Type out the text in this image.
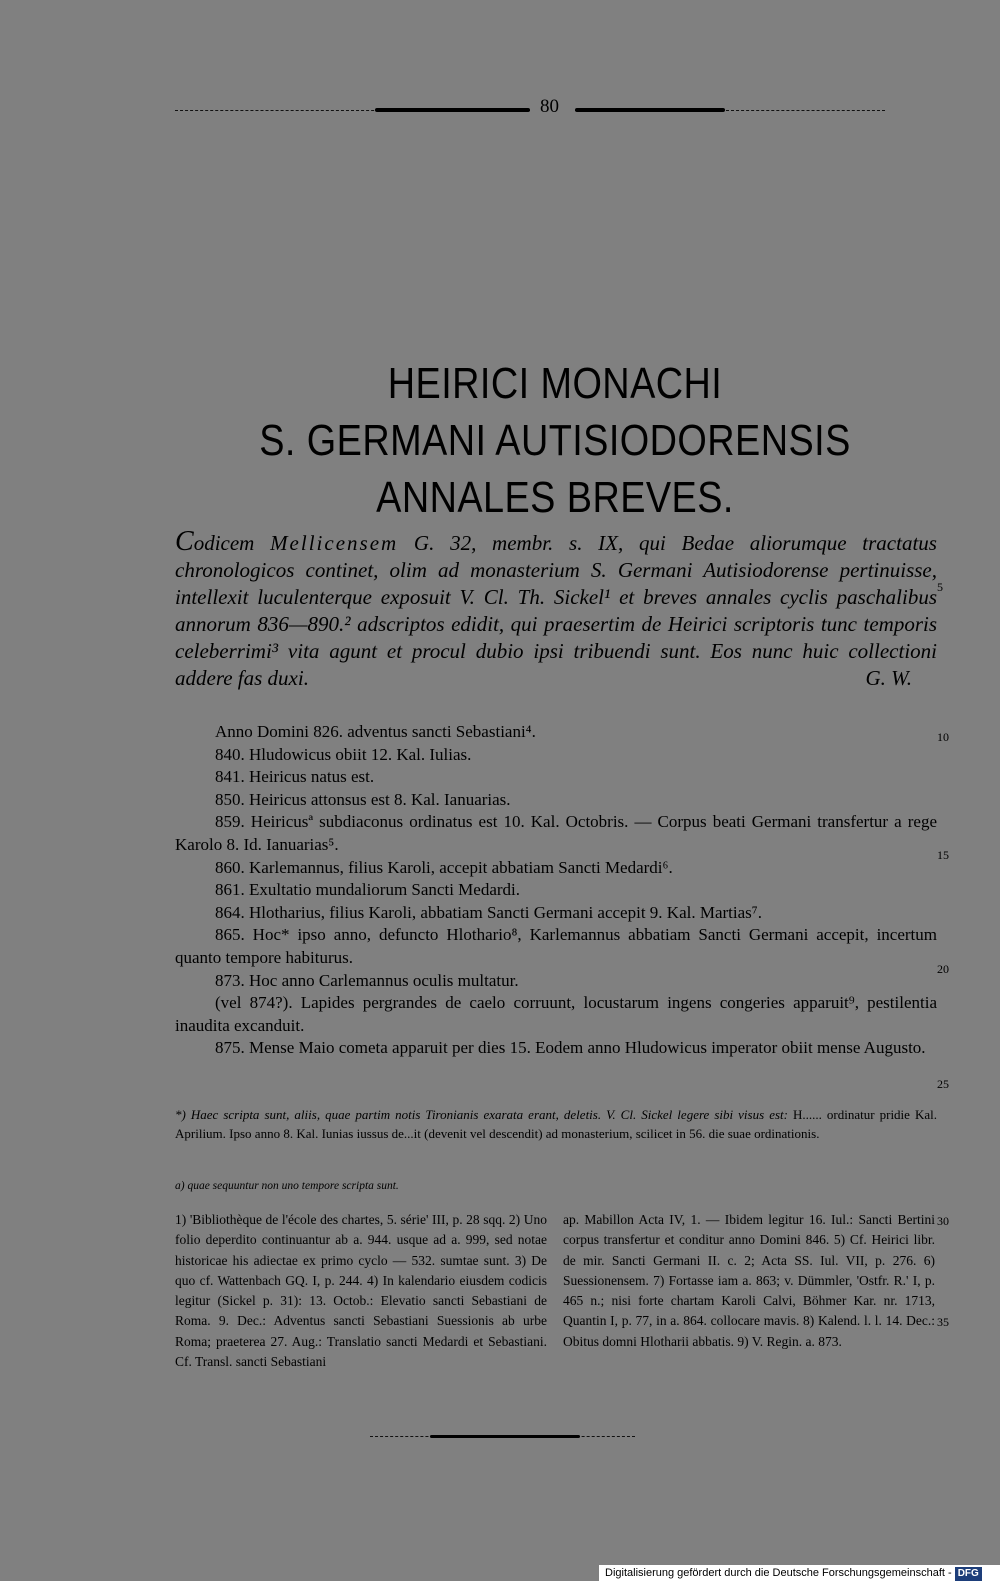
80
HEIRICI MONACHI
S. GERMANI AUTISIODORENSIS
ANNALES BREVES.
Codicem Mellicensem G. 32, membr. s. IX, qui Bedae aliorumque tractatus chronologicos continet, olim ad monasterium S. Germani Autisiodorense pertinuisse, intellexit luculenterque exposuit V. Cl. Th. Sickel¹ et breves annales cyclis paschalibus annorum 836—890.² adscriptos edidit, qui praesertim de Heirici scriptoris tunc temporis celeberrimi³ vita agunt et procul dubio ipsi tribuendi sunt. Eos nunc huic collectioni addere fas duxi.	G. W.

Anno Domini 826. adventus sancti Sebastiani⁴.

840. Hludowicus obiit 12. Kal. Iulias.

841. Heiricus natus est.

850. Heiricus attonsus est 8. Kal. Ianuarias.

859. Heiricusª subdiaconus ordinatus est 10. Kal. Octobris. — Corpus beati Germani transfertur a rege Karolo 8. Id. Ianuarias⁵.

860. Karlemannus, filius Karoli, accepit abbatiam Sancti Medardi⁶.

861. Exultatio mundaliorum Sancti Medardi.

864. Hlotharius, filius Karoli, abbatiam Sancti Germani accepit 9. Kal. Martias⁷.

865. Hoc* ipso anno, defuncto Hlothario⁸, Karlemannus abbatiam Sancti Germani accepit, incertum quanto tempore habiturus.

873. Hoc anno Carlemannus oculis multatur.

(vel 874?). Lapides pergrandes de caelo corruunt, locustarum ingens congeries apparuit⁹, pestilentia inaudita excanduit.

875. Mense Maio cometa apparuit per dies 15. Eodem anno Hludowicus imperator obiit mense Augusto.

*) Haec scripta sunt, aliis, quae partim notis Tironianis exarata erant, deletis. V. Cl. Sickel legere sibi visus est: H...... ordinatur pridie Kal. Aprilium. Ipso anno 8. Kal. Iunias iussus de...it (devenit vel descendit) ad monasterium, scilicet in 56. die suae ordinationis.
a) quae sequuntur non uno tempore scripta sunt.
1) 'Bibliothèque de l'école des chartes, 5. série' III, p. 28 sqq. 2) Uno folio deperdito continuantur ab a. 944. usque ad a. 999, sed notae historicae his adiectae ex primo cyclo — 532. sumtae sunt. 3) De quo cf. Wattenbach GQ. I, p. 244. 4) In kalendario eiusdem codicis legitur (Sickel p. 31): 13. Octob.: Elevatio sancti Sebastiani de Roma. 9. Dec.: Adventus sancti Sebastiani Suessionis ab urbe Roma; praeterea 27. Aug.: Translatio sancti Medardi et Sebastiani. Cf. Transl. sancti Sebastiani
ap. Mabillon Acta IV, 1. — Ibidem legitur 16. Iul.: Sancti Bertini corpus transfertur et conditur anno Domini 846. 5) Cf. Heirici libr. de mir. Sancti Germani II. c. 2; Acta SS. Iul. VII, p. 276. 6) Suessionensem. 7) Fortasse iam a. 863; v. Dümmler, 'Ostfr. R.' I, p. 465 n.; nisi forte chartam Karoli Calvi, Böhmer Kar. nr. 1713, Quantin I, p. 77, in a. 864. collocare mavis. 8) Kalend. l. l. 14. Dec.: Obitus domni Hlotharii abbatis. 9) V. Regin. a. 873.
5
10
15
20
25
30
35
Digitalisierung gefördert durch die Deutsche Forschungsgemeinschaft - DFG
